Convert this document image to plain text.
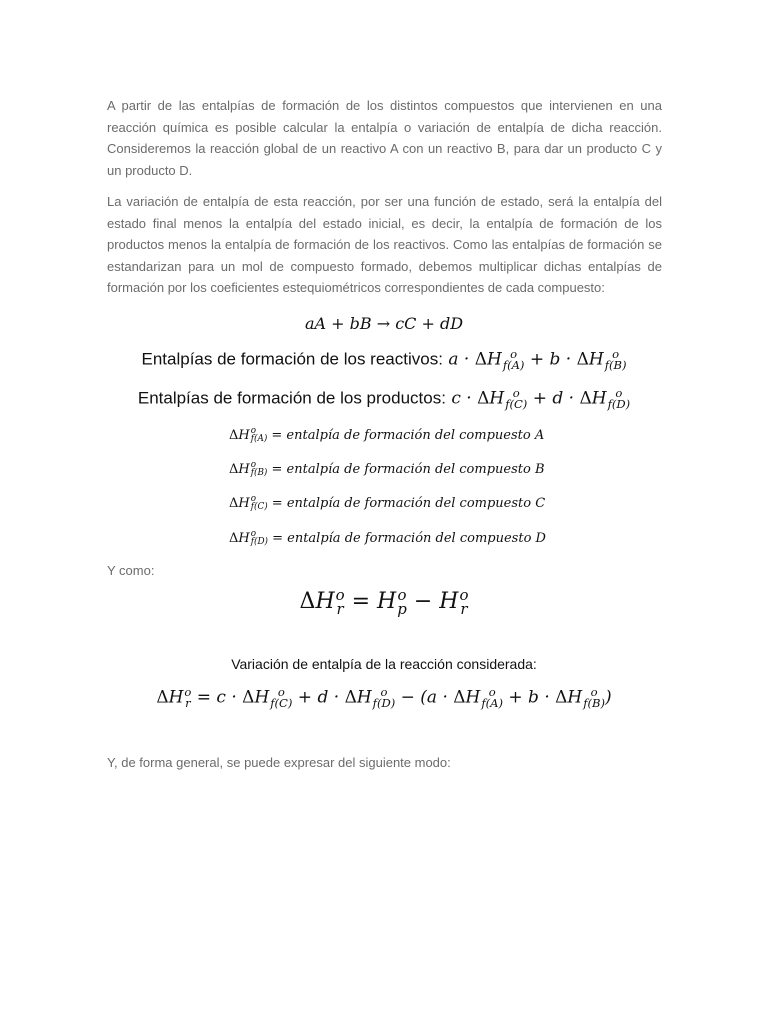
A partir de las entalpías de formación de los distintos compuestos que intervienen en una reacción química es posible calcular la entalpía o variación de entalpía de dicha reacción. Consideremos la reacción global de un reactivo A con un reactivo B, para dar un producto C y un producto D.

La variación de entalpía de esta reacción, por ser una función de estado, será la entalpía del estado final menos la entalpía del estado inicial, es decir, la entalpía de formación de los productos menos la entalpía de formación de los reactivos. Como las entalpías de formación se estandarizan para un mol de compuesto formado, debemos multiplicar dichas entalpías de formación por los coeficientes estequiométricos correspondientes de cada compuesto:

aA + bB → cC + dD
Entalpías de formación de los reactivos: a · ΔH o
f(A) + b · ΔH o
f(B)
Entalpías de formación de los productos: c · ΔH o
f(C) + d · ΔH o
f(D)
ΔH o
f(A) = entalpía de formación del compuesto A
ΔH o
f(B) = entalpía de formación del compuesto B
ΔH o
f(C) = entalpía de formación del compuesto C
ΔH o
f(D) = entalpía de formación del compuesto D

Y como:

ΔH o
r = H o
p − H o
r
Variación de entalpía de la reacción considerada:
ΔH o
r = c · ΔH o
f(C) + d · ΔH o
f(D) − (a · ΔH o
f(A) + b · ΔH o
f(B) )

Y, de forma general, se puede expresar del siguiente modo:
